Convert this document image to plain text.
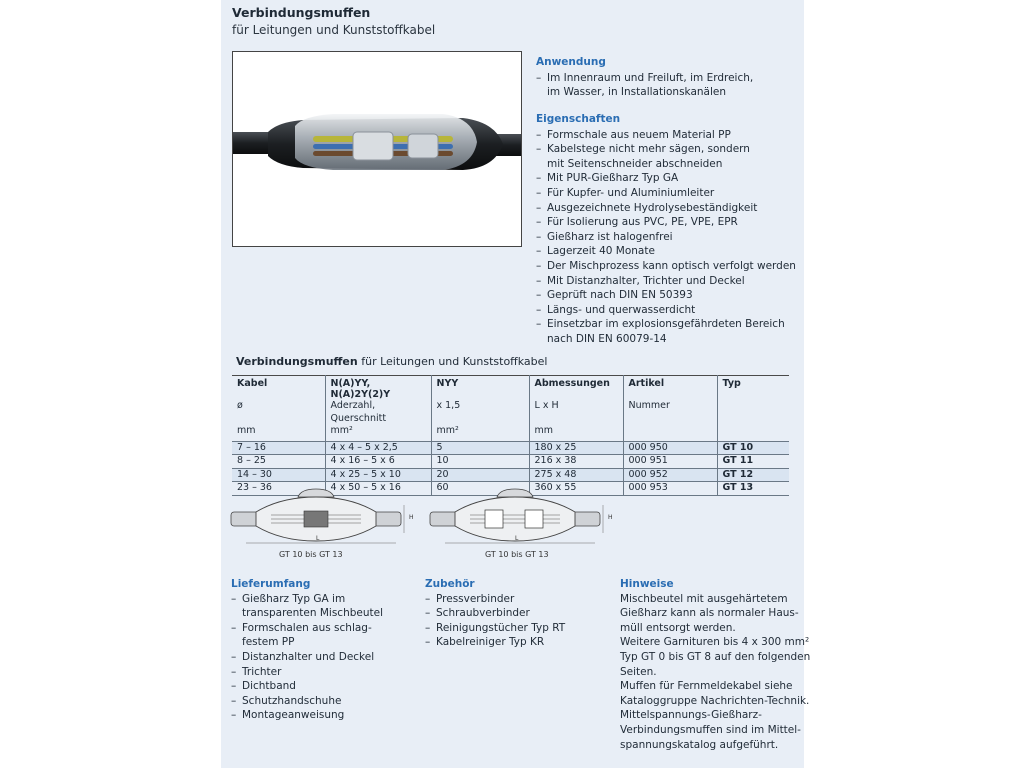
Verbindungsmuffen
für Leitungen und Kunststoffkabel
Anwendung
– Im Innenraum und Freiluft, im Erdreich,
im Wasser, in Installationskanälen
Eigenschaften
– Formschale aus neuem Material PP
– Kabelstege nicht mehr sägen, sondern
mit Seitenschneider abschneiden
– Mit PUR-Gießharz Typ GA
– Für Kupfer- und Aluminiumleiter
– Ausgezeichnete Hydrolysebeständigkeit
– Für Isolierung aus PVC, PE, VPE, EPR
– Gießharz ist halogenfrei
– Lagerzeit 40 Monate
– Der Mischprozess kann optisch verfolgt werden
– Mit Distanzhalter, Trichter und Deckel
– Geprüft nach DIN EN 50393
– Längs- und querwasserdicht
– Einsetzbar im explosionsgefährdeten Bereich
nach DIN EN 60079-14
Verbindungsmuffen für Leitungen und Kunststoffkabel
Kabel	N(A)YY, N(A)2Y(2)Y	NYY	Abmessungen	Artikel	Typ
ø	Aderzahl, Querschnitt	x 1,5	L x H	Nummer	
mm	mm²	mm²	mm		
7 – 16	4 x 4 – 5 x 2,5	5	180 x 25	000 950	GT 10
8 – 25	4 x 16 – 5 x 6	10	216 x 38	000 951	GT 11
14 – 30	4 x 25 – 5 x 10	20	275 x 48	000 952	GT 12
23 – 36	4 x 50 – 5 x 16	60	360 x 55	000 953	GT 13
H
L
GT 10 bis GT 13
H
L
GT 10 bis GT 13
Lieferumfang
– Gießharz Typ GA im
transparenten Mischbeutel
– Formschalen aus schlag-
festem PP
– Distanzhalter und Deckel
– Trichter
– Dichtband
– Schutzhandschuhe
– Montageanweisung
Zubehör
– Pressverbinder
– Schraubverbinder
– Reinigungstücher Typ RT
– Kabelreiniger Typ KR
Hinweise

Mischbeutel mit ausgehärtetem

Gießharz kann als normaler Haus-

müll entsorgt werden.

Weitere Garnituren bis 4 x 300 mm²

Typ GT 0 bis GT 8 auf den folgenden

Seiten.

Muffen für Fernmeldekabel siehe

Kataloggruppe Nachrichten-Technik.

Mittelspannungs-Gießharz-

Verbindungsmuffen sind im Mittel-

spannungskatalog aufgeführt.
